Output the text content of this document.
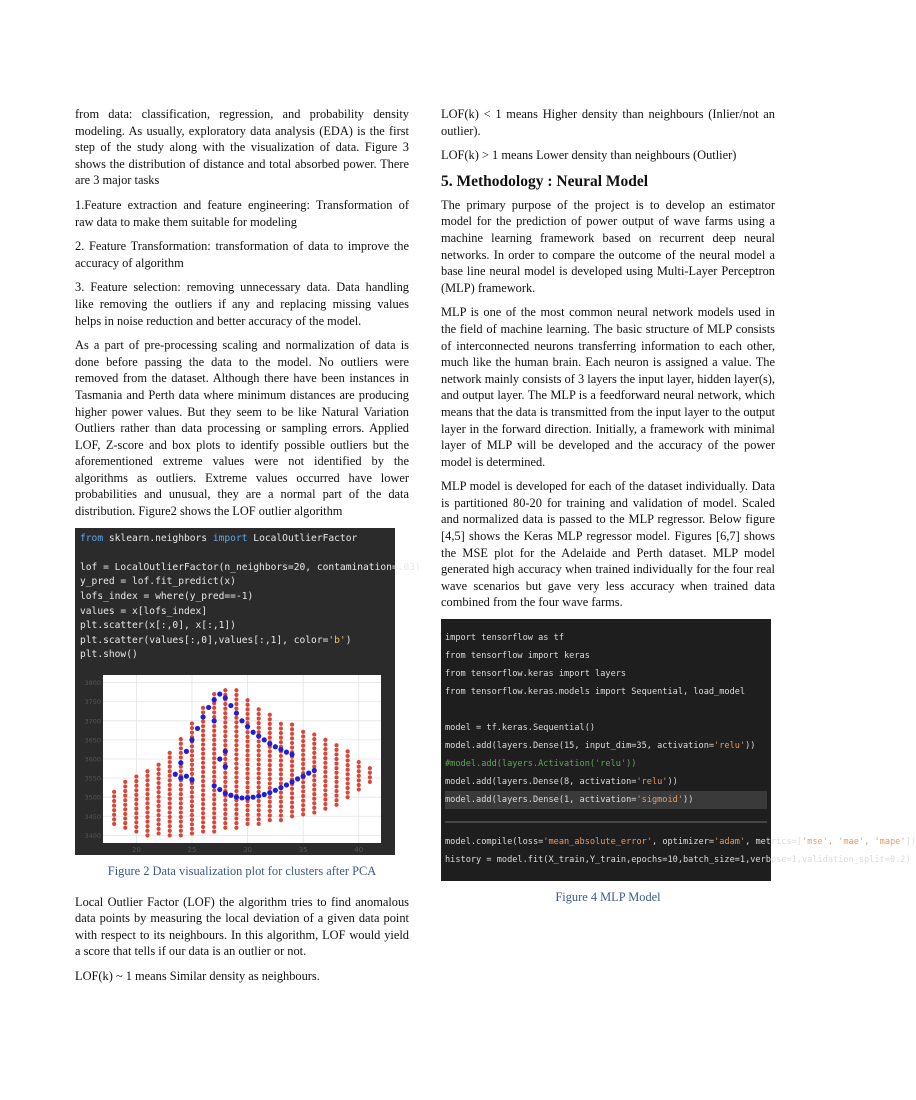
from data: classification, regression, and probability density modeling. As usually, exploratory data analysis (EDA) is the first step of the study along with the visualization of data. Figure 3 shows the distribution of distance and total absorbed power. There are 3 major tasks

1.Feature extraction and feature engineering: Transformation of raw data to make them suitable for modeling

2. Feature Transformation: transformation of data to improve the accuracy of algorithm

3. Feature selection: removing unnecessary data. Data handling like removing the outliers if any and replacing missing values helps in noise reduction and better accuracy of the model.

As a part of pre-processing scaling and normalization of data is done before passing the data to the model. No outliers were removed from the dataset. Although there have been instances in Tasmania and Perth data where minimum distances are producing higher power values. But they seem to be like Natural Variation Outliers rather than data processing or sampling errors. Applied LOF, Z-score and box plots to identify possible outliers but the aforementioned extreme values were not identified by the algorithms as outliers. Extreme values occurred have lower probabilities and unusual, they are a normal part of the data distribution. Figure2 shows the LOF outlier algorithm

from sklearn.neighbors import LocalOutlierFactor

lof = LocalOutlierFactor(n_neighbors=20, contamination=.03)
y_pred = lof.fit_predict(x)
lofs_index = where(y_pred==-1)
values = x[lofs_index]
plt.scatter(x[:,0], x[:,1])
plt.scatter(values[:,0],values[:,1], color='b')
plt.show()
20	25	30	35	40
3800
3750
3700
3650
3600
3550
3500
3450
3400
Figure 2 Data visualization plot for clusters after PCA

Local Outlier Factor (LOF) the algorithm tries to find anomalous data points by measuring the local deviation of a given data point with respect to its neighbours. In this algorithm, LOF would yield a score that tells if our data is an outlier or not.

LOF(k) ~ 1 means Similar density as neighbours.

LOF(k) < 1 means Higher density than neighbours (Inlier/not an outlier).

LOF(k) > 1 means Lower density than neighbours (Outlier)

5. Methodology : Neural Model

The primary purpose of the project is to develop an estimator model for the prediction of power output of wave farms using a machine learning framework based on recurrent deep neural networks. In order to compare the outcome of the neural model a base line neural model is developed using Multi-Layer Perceptron (MLP) framework.

MLP is one of the most common neural network models used in the field of machine learning. The basic structure of MLP consists of interconnected neurons transferring information to each other, much like the human brain. Each neuron is assigned a value. The network mainly consists of 3 layers the input layer, hidden layer(s), and output layer. The MLP is a feedforward neural network, which means that the data is transmitted from the input layer to the output layer in the forward direction. Initially, a framework with minimal layer of MLP will be developed and the accuracy of the power model is determined.

MLP model is developed for each of the dataset individually. Data is partitioned 80-20 for training and validation of model. Scaled and normalized data is passed to the MLP regressor. Below figure [4,5] shows the Keras MLP regressor model. Figures [6,7] shows the MSE plot for the Adelaide and Perth dataset. MLP model generated high accuracy when trained individually for the four real wave scenarios but gave very less accuracy when trained data combined from the four wave farms.

import tensorflow as tf
from tensorflow import keras
from tensorflow.keras import layers
from tensorflow.keras.models import Sequential, load_model
model = tf.keras.Sequential()
model.add(layers.Dense(15, input_dim=35, activation='relu'))
#model.add(layers.Activation('relu'))
model.add(layers.Dense(8, activation='relu'))
model.add(layers.Dense(1, activation='sigmoid'))
model.compile(loss='mean_absolute_error', optimizer='adam', metrics=['mse', 'mae', 'mape'])
history = model.fit(X_train,Y_train,epochs=10,batch_size=1,verbose=1,validation_split=0.2)
Figure 4 MLP Model
